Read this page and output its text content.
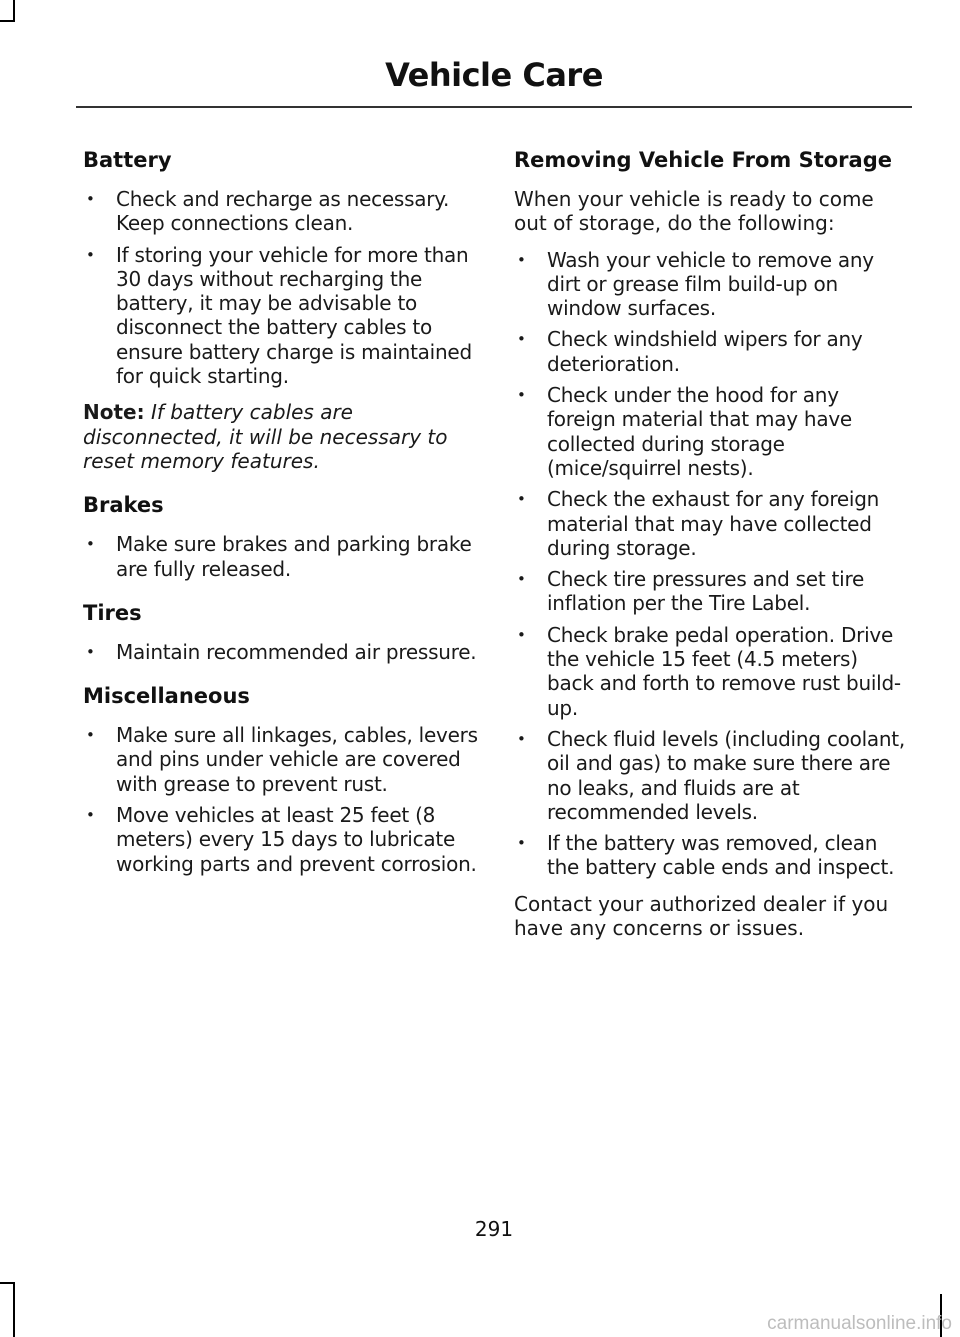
Vehicle Care
Battery
• Check and recharge as necessary. Keep connections clean.
• If storing your vehicle for more than 30 days without recharging the battery, it may be advisable to disconnect the battery cables to ensure battery charge is maintained for quick starting.

Note: If battery cables are disconnected, it will be necessary to reset memory features.

Brakes
• Make sure brakes and parking brake are fully released.
Tires
• Maintain recommended air pressure.
Miscellaneous
• Make sure all linkages, cables, levers and pins under vehicle are covered with grease to prevent rust.
• Move vehicles at least 25 feet (8 meters) every 15 days to lubricate working parts and prevent corrosion.
Removing Vehicle From Storage

When your vehicle is ready to come out of storage, do the following:

• Wash your vehicle to remove any dirt or grease film build-up on window surfaces.
• Check windshield wipers for any deterioration.
• Check under the hood for any foreign material that may have collected during storage (mice/squirrel nests).
• Check the exhaust for any foreign material that may have collected during storage.
• Check tire pressures and set tire inflation per the Tire Label.
• Check brake pedal operation. Drive the vehicle 15 feet (4.5 meters) back and forth to remove rust build-up.
• Check fluid levels (including coolant, oil and gas) to make sure there are no leaks, and fluids are at recommended levels.
• If the battery was removed, clean the battery cable ends and inspect.

Contact your authorized dealer if you have any concerns or issues.

291
carmanualsonline.info
